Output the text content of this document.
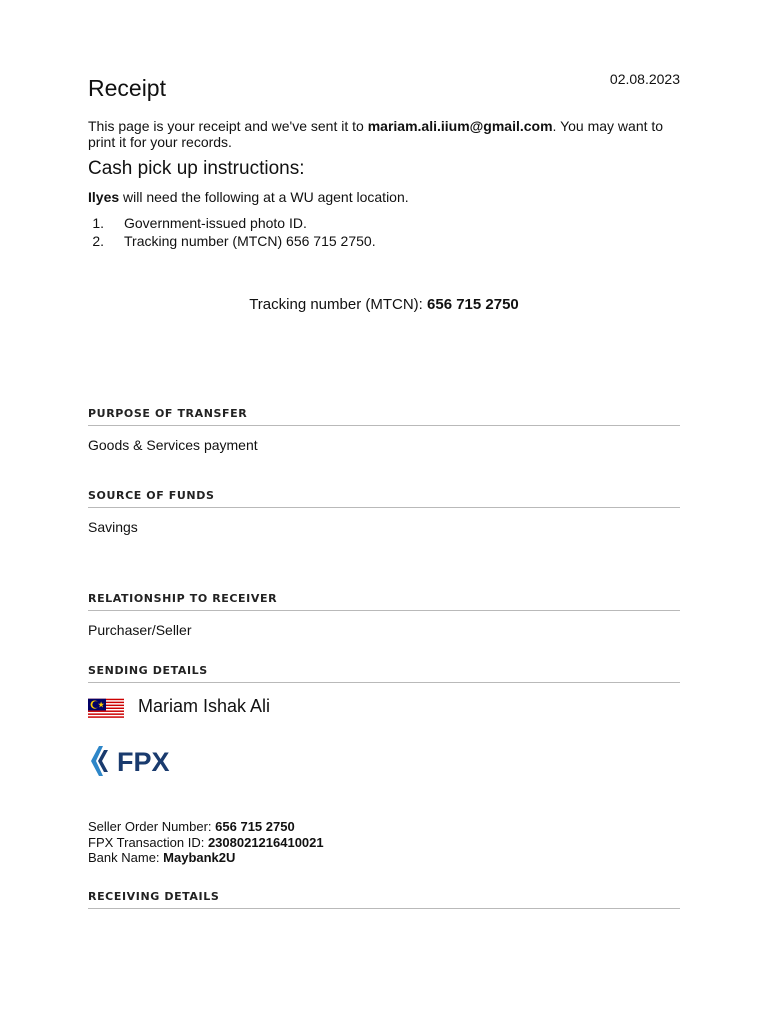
Receipt	02.08.2023
This page is your receipt and we've sent it to mariam.ali.iium@gmail.com. You may want to print it for your records.
Cash pick up instructions:
Ilyes will need the following at a WU agent location.
1. Government-issued photo ID.
2. Tracking number (MTCN) 656 715 2750.
Tracking number (MTCN): 656 715 2750
PURPOSE OF TRANSFER
Goods & Services payment
SOURCE OF FUNDS
Savings
RELATIONSHIP TO RECEIVER
Purchaser/Seller
SENDING DETAILS
Mariam Ishak Ali
FPX
Seller Order Number: 656 715 2750
FPX Transaction ID: 2308021216410021
Bank Name: Maybank2U
RECEIVING DETAILS
